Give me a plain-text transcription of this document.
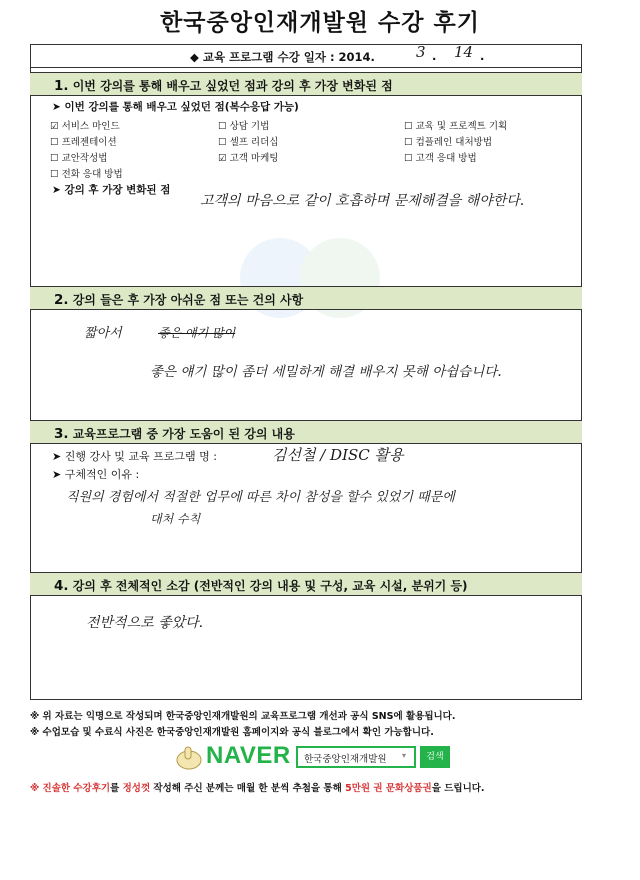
한국중앙인재개발원 수강 후기
◆ 교육 프로그램 수강 일자 : 2014.	3 . 14 .
1. 이번 강의를 통해 배우고 싶었던 점과 강의 후 가장 변화된 점
➤ 이번 강의를 통해 배우고 싶었던 점(복수응답 가능)
☑ 서비스 마인드	☐ 상담 기법	☐ 교육 및 프로젝트 기획
☐ 프레젠테이션	☐ 셀프 리더십	☐ 컴플레인 대처방법
☐ 교안작성법	☑ 고객 마케팅	☐ 고객 응대 방법
☐ 전화 응대 방법
➤ 강의 후 가장 변화된 점
고객의 마음으로 같이 호흡하며 문제해결을 해야한다.
2. 강의 들은 후 가장 아쉬운 점 또는 건의 사항
짧아서	좋은 얘기 많이
좋은 얘기 많이 좀더 세밀하게 해결 배우지 못해 아쉽습니다.
3. 교육프로그램 중 가장 도움이 된 강의 내용
➤ 진행 강사 및 교육 프로그램 명 :	김선철 / DISC 활용
➤ 구체적인 이유 :
직원의 경험에서 적절한 업무에 따른 차이 참성을 할수 있었기 때문에
대처 수칙
4. 강의 후 전체적인 소감 (전반적인 강의 내용 및 구성, 교육 시설, 분위기 등)
전반적으로 좋았다.
※ 위 자료는 익명으로 작성되며 한국중앙인재개발원의 교육프로그램 개선과 공식 SNS에 활용됩니다.
※ 수업모습 및 수료식 사진은 한국중앙인재개발원 홈페이지와 공식 블로그에서 확인 가능합니다.
NAVER 한국중앙인재개발원 ▾	검색
※ 진솔한 수강후기를 정성껏 작성해 주신 분께는 매월 한 분씩 추첨을 통해 5만원 권 문화상품권을 드립니다.
